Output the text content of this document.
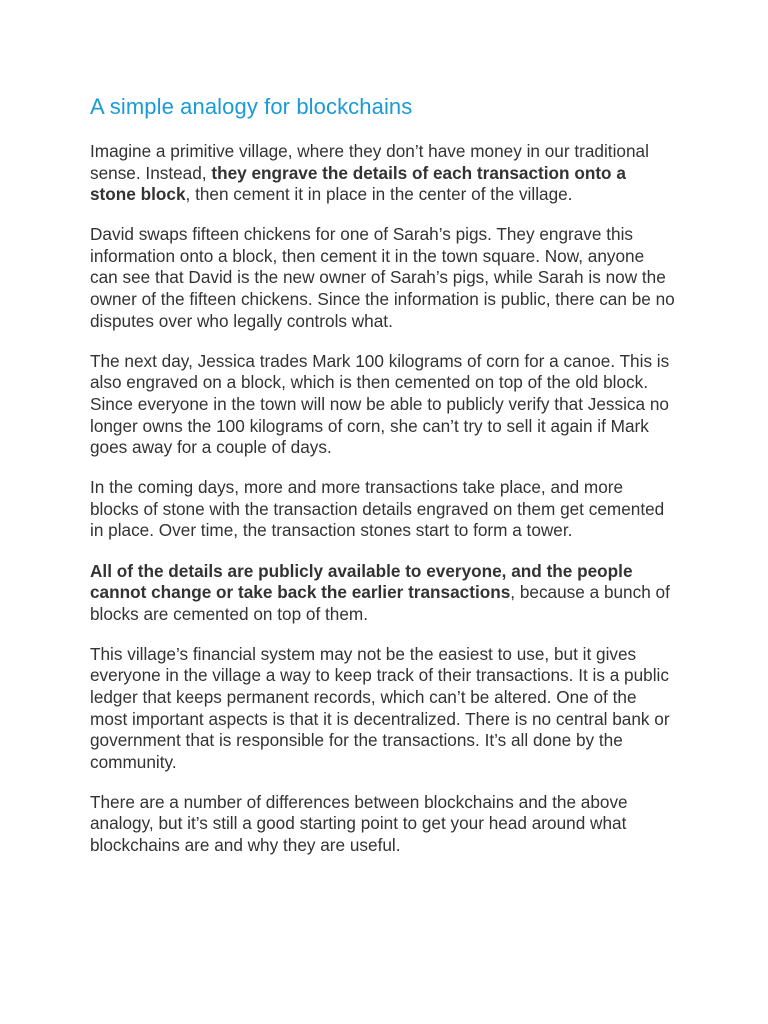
A simple analogy for blockchains

Imagine a primitive village, where they don’t have money in our traditional sense. Instead, they engrave the details of each transaction onto a stone block, then cement it in place in the center of the village.

David swaps fifteen chickens for one of Sarah’s pigs. They engrave this information onto a block, then cement it in the town square. Now, anyone can see that David is the new owner of Sarah’s pigs, while Sarah is now the owner of the fifteen chickens. Since the information is public, there can be no disputes over who legally controls what.

The next day, Jessica trades Mark 100 kilograms of corn for a canoe. This is also engraved on a block, which is then cemented on top of the old block. Since everyone in the town will now be able to publicly verify that Jessica no longer owns the 100 kilograms of corn, she can’t try to sell it again if Mark goes away for a couple of days.

In the coming days, more and more transactions take place, and more blocks of stone with the transaction details engraved on them get cemented in place. Over time, the transaction stones start to form a tower.

All of the details are publicly available to everyone, and the people cannot change or take back the earlier transactions, because a bunch of blocks are cemented on top of them.

This village’s financial system may not be the easiest to use, but it gives everyone in the village a way to keep track of their transactions. It is a public ledger that keeps permanent records, which can’t be altered. One of the most important aspects is that it is decentralized. There is no central bank or government that is responsible for the transactions. It’s all done by the community.

There are a number of differences between blockchains and the above analogy, but it’s still a good starting point to get your head around what blockchains are and why they are useful.
